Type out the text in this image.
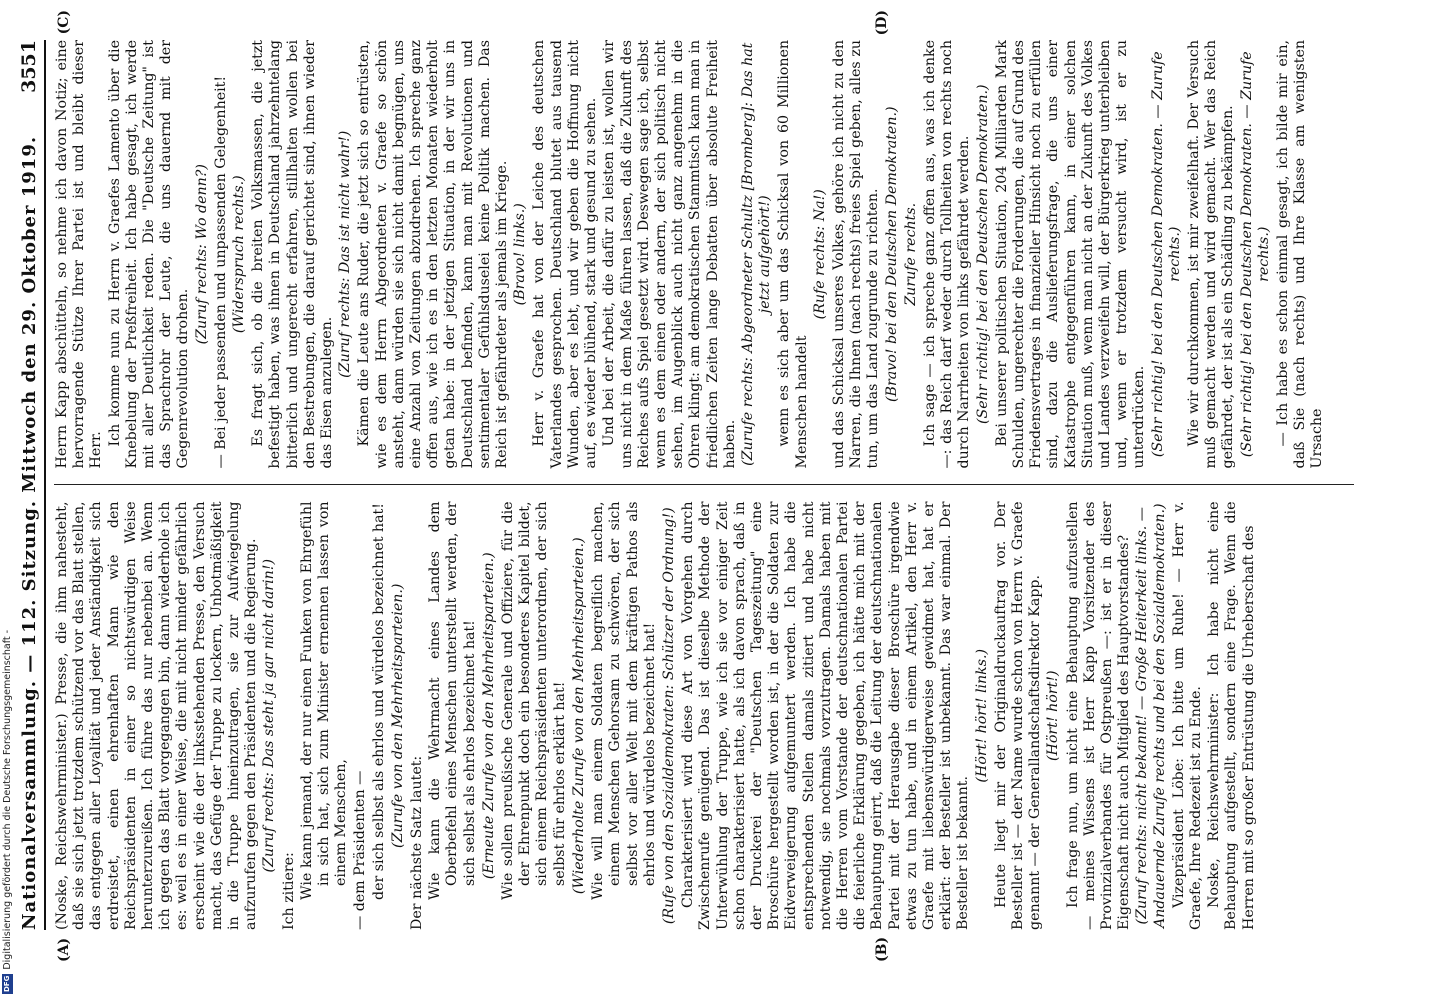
Nationalversammlung. — 112. Sitzung. Mittwoch den 29. Oktober 1919.
3551
(A)	(B)
(C)	(D)
(Noske, Reichswehrminister.) Presse, die ihm nahesteht, daß sie sich jetzt trotzdem schützend vor das Blatt stellen, das entgegen aller Loyalität und jeder Anständigkeit sich erdreistet, einen ehrenhaften Mann wie den Reichspräsidenten in einer so nichtswürdigen Weise herunterzureißen. Ich führe das nur nebenbei an. Wenn ich gegen das Blatt vorgegangen bin, dann wiederhole ich es: weil es in einer Weise, die mit nicht minder gefährlich erscheint wie die der linksstehenden Presse, den Versuch macht, das Gefüge der Truppe zu lockern, Unbotmäßigkeit in die Truppe hineinzutragen, sie zur Aufwiegelung aufzurufen gegen den Präsidenten und die Regierung. (Zuruf rechts: Das steht ja gar nicht darin!)
Ich zitiere: Wie kann jemand, der nur einen Funken von Ehrgefühl in sich hat, sich zum Minister ernennen lassen von einem Menschen, — dem Präsidenten — der sich selbst als ehrlos und würdelos bezeichnet hat! (Zurufe von den Mehrheitsparteien.) Der nächste Satz lautet: Wie kann die Wehrmacht eines Landes dem Oberbefehl eines Menschen unterstellt werden, der sich selbst als ehrlos bezeichnet hat! (Erneute Zurufe von den Mehrheitsparteien.) Wie sollen preußische Generale und Offiziere, für die der Ehrenpunkt doch ein besonderes Kapitel bildet, sich einem Reichspräsidenten unterordnen, der sich selbst für ehrlos erklärt hat! (Wiederholte Zurufe von den Mehrheitsparteien.) Wie will man einem Soldaten begreiflich machen, einem Menschen Gehorsam zu schwören, der sich selbst vor aller Welt mit dem kräftigen Pathos als ehrlos und würdelos bezeichnet hat! (Rufe von den Sozialdemokraten: Schützer der Ordnung!) Charakterisiert wird diese Art von Vorgehen durch Zwischenrufe genügend. Das ist dieselbe Methode der Unterwühlung der Truppe, wie ich sie vor einiger Zeit schon charakterisiert hatte, als ich davon sprach, daß in der Druckerei der "Deutschen Tageszeitung" eine Broschüre hergestellt worden ist, in der die Soldaten zur Eidverweigerung aufgemuntert werden. Ich habe die entsprechenden Stellen damals zitiert und habe nicht notwendig, sie nochmals vorzutragen. Damals haben mit die Herren vom Vorstande der deutschnationalen Partei die feierliche Erklärung gegeben, ich hätte mich mit der Behauptung geirrt, daß die Leitung der deutschnationalen Partei mit der Herausgabe dieser Broschüre irgendwie etwas zu tun habe, und in einem Artikel, den Herr v. Graefe mit liebenswürdigerweise gewidmet hat, hat er erklärt: der Besteller ist unbekannt. Das war einmal. Der Besteller ist bekannt.
(Hört! hört! links.) Heute liegt mir der Originaldruckauftrag vor. Der Besteller ist — der Name wurde schon von Herrn v. Graefe genannt — der Generallandschaftsdirektor Kapp. (Hört! hört!) Ich frage nun, um nicht eine Behauptung aufzustellen — meines Wissens ist Herr Kapp Vorsitzender des Provinzialverbandes für Ostpreußen —: ist er in dieser Eigenschaft nicht auch Mitglied des Hauptvorstandes? (Zuruf rechts: nicht bekannt! — Große Heiterkeit links. — Andauernde Zurufe rechts und bei den Sozialdemokraten.) Vizepräsident Löbe: Ich bitte um Ruhe! — Herr v. Graefe, Ihre Redezeit ist zu Ende. Noske, Reichswehrminister: Ich habe nicht eine Behauptung aufgestellt, sondern eine Frage. Wenn die Herren mit so großer Entrüstung die Urheberschaft des
Herrn Kapp abschütteln, so nehme ich davon Notiz; eine hervorragende Stütze Ihrer Partei ist und bleibt dieser Herr.
Ich komme nun zu Herrn v. Graefes Lamento über die Knebelung der Preßfreiheit. Ich habe gesagt, ich werde mit aller Deutlichkeit reden. Die "Deutsche Zeitung" ist das Sprachrohr der Leute, die uns dauernd mit der Gegenrevolution drohen.
(Zuruf rechts: Wo denn?) — Bei jeder passenden und unpassenden Gelegenheit! (Widerspruch rechts.) Es fragt sich, ob die breiten Volksmassen, die jetzt befestigt haben, was ihnen in Deutschland jahrzehntelang bitterlich und ungerecht erfahren, stillhalten wollen bei den Bestrebungen, die darauf gerichtet sind, ihnen wieder das Eisen anzulegen.
(Zuruf rechts: Das ist nicht wahr!) Kämen die Leute ans Ruder, die jetzt sich so entrüsten, wie es dem Herrn Abgeordneten v. Graefe so schön ansteht, dann würden sie sich nicht damit begnügen, uns eine Anzahl von Zeitungen abzudrehen. Ich spreche ganz offen aus, wie ich es in den letzten Monaten wiederholt getan habe: in der jetzigen Situation, in der wir uns in Deutschland befinden, kann man mit Revolutionen und sentimentaler Gefühlsduselei keine Politik machen. Das Reich ist gefährdeter als jemals im Kriege. (Bravo! links.) Herr v. Graefe hat von der Leiche des deutschen Vaterlandes gesprochen. Deutschland blutet aus tausend Wunden, aber es lebt, und wir geben die Hoffnung nicht auf, es wieder blühend, stark und gesund zu sehen. Und bei der Arbeit, die dafür zu leisten ist, wollen wir uns nicht in dem Maße führen lassen, daß die Zukunft des Reiches aufs Spiel gesetzt wird. Deswegen sage ich, selbst wenn es dem einen oder andern, der sich politisch nicht sehen, im Augenblick auch nicht ganz angenehm in die Ohren klingt: am demokratischen Stammtisch kann man in friedlichen Zeiten lange Debatten über absolute Freiheit haben. (Zurufe rechts: Abgeordneter Schultz [Bromberg]: Das hat jetzt aufgehört!) wenn es sich aber um das Schicksal von 60 Millionen Menschen handelt
(Rufe rechts: Na!) und das Schicksal unseres Volkes, gehöre ich nicht zu den Narren, die Ihnen (nach rechts) freies Spiel geben, alles zu tun, um das Land zugrunde zu richten. (Bravo! bei den Deutschen Demokraten.) Zurufe rechts. Ich sage — ich spreche ganz offen aus, was ich denke —: das Reich darf weder durch Tollheiten von rechts noch durch Narrheiten von links gefährdet werden. (Sehr richtig! bei den Deutschen Demokraten.) Bei unserer politischen Situation, 204 Milliarden Mark Schulden, ungerechter die Forderungen, die auf Grund des Friedensvertrages in finanzieller Hinsicht noch zu erfüllen sind, dazu die Auslieferungsfrage, die uns einer Katastrophe entgegenführen kann, in einer solchen Situation muß, wenn man nicht an der Zukunft des Volkes und Landes verzweifeln will, der Bürgerkrieg unterbleiben und, wenn er trotzdem versucht wird, ist er zu unterdrücken. (Sehr richtig! bei den Deutschen Demokraten. — Zurufe rechts.) Wie wir durchkommen, ist mir zweifelhaft. Der Versuch muß gemacht werden und wird gemacht. Wer das Reich gefährdet, der ist als ein Schädling zu bekämpfen. (Sehr richtig! bei den Deutschen Demokraten. — Zurufe rechts.) — Ich habe es schon einmal gesagt, ich bilde mir ein, daß Sie (nach rechts) und Ihre Klasse am wenigsten Ursache
DFG
Digitalisierung gefördert durch die Deutsche Forschungsgemeinschaft -
